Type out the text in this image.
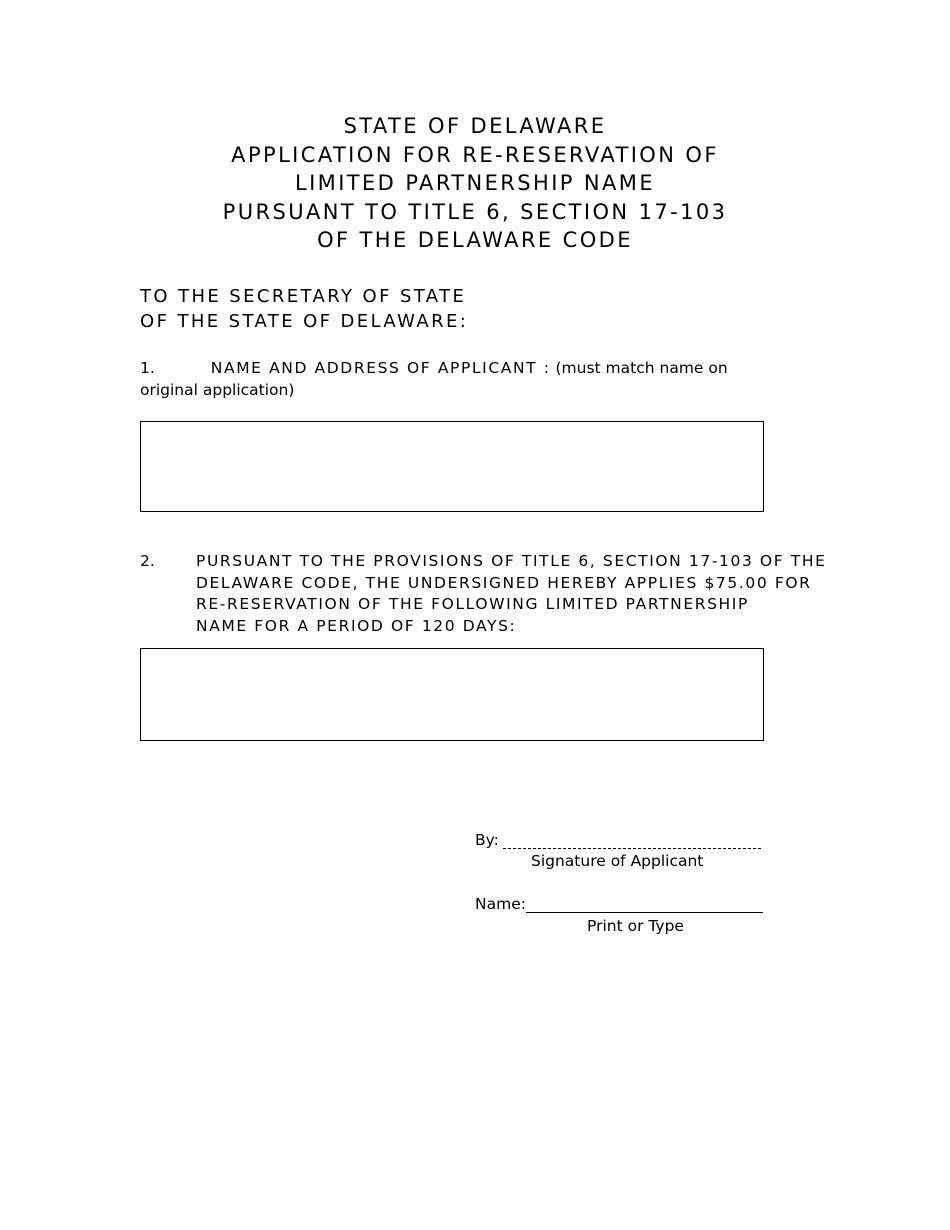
STATE OF DELAWARE
APPLICATION FOR RE-RESERVATION OF
LIMITED PARTNERSHIP NAME
PURSUANT TO TITLE 6, SECTION 17-103
OF THE DELAWARE CODE
TO THE SECRETARY OF STATE
OF THE STATE OF DELAWARE:
1.	NAME AND ADDRESS OF APPLICANT : (must match name on original application)
2.	PURSUANT TO THE PROVISIONS OF TITLE 6, SECTION 17-103 OF THE
DELAWARE CODE, THE UNDERSIGNED HEREBY APPLIES $75.00 FOR
RE-RESERVATION OF THE FOLLOWING LIMITED PARTNERSHIP
NAME FOR A PERIOD OF 120 DAYS:
By:
Signature of Applicant
Name:
Print or Type
